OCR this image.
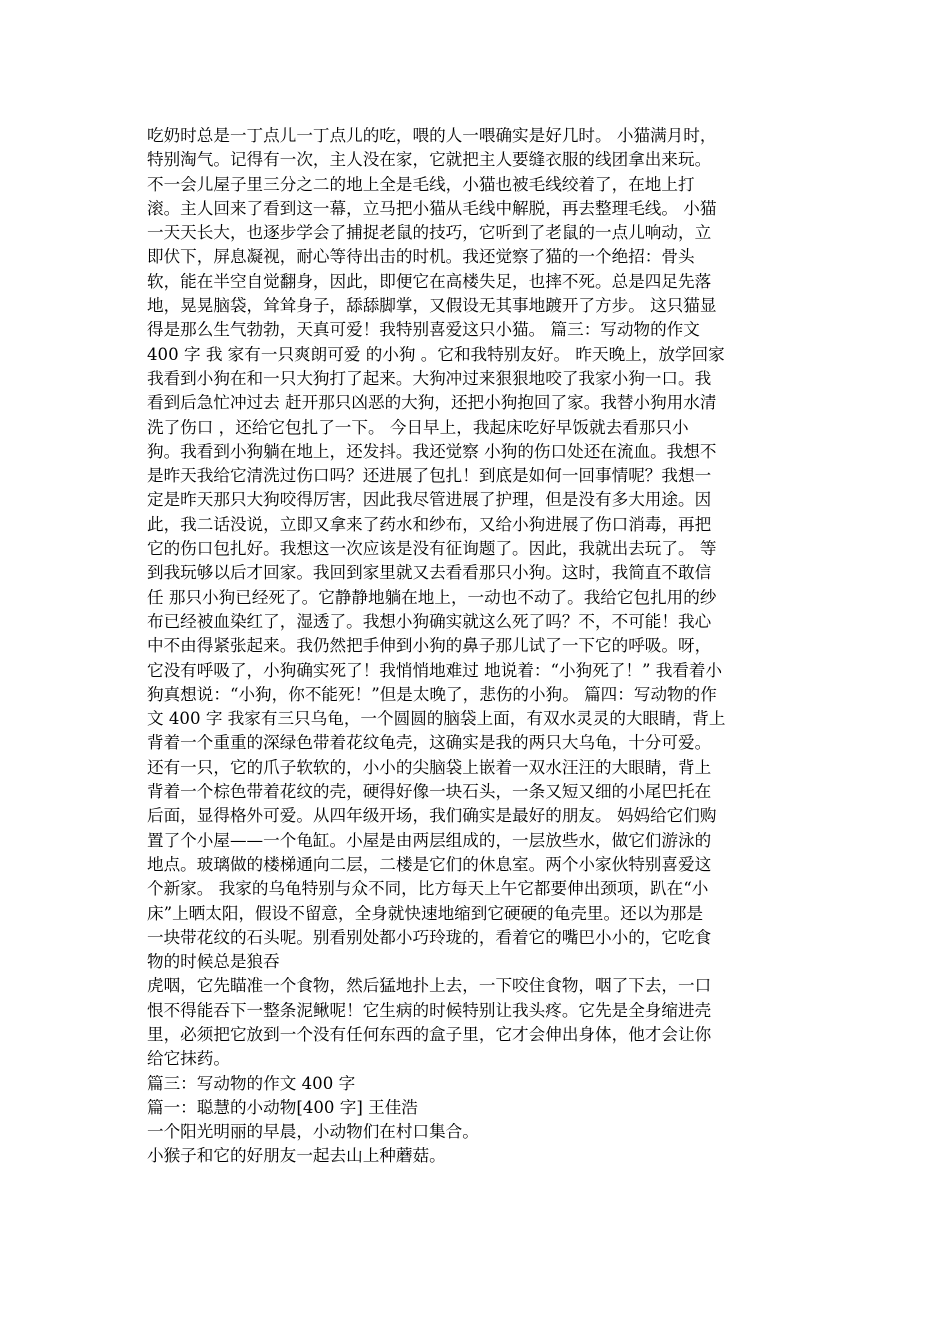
吃奶时总是一丁点儿一丁点儿的吃，喂的人一喂确实是好几时。 小猫满月时，
特别淘气。记得有一次，主人没在家，它就把主人要缝衣服的线团拿出来玩。
不一会儿屋子里三分之二的地上全是毛线，小猫也被毛线绞着了，在地上打
滚。主人回来了看到这一幕，立马把小猫从毛线中解脱，再去整理毛线。 小猫
一天天长大，也逐步学会了捕捉老鼠的技巧，它听到了老鼠的一点儿响动，立
即伏下，屏息凝视，耐心等待出击的时机。我还觉察了猫的一个绝招：骨头
软，能在半空自觉翻身，因此，即便它在高楼失足，也摔不死。总是四足先落
地，晃晃脑袋，耸耸身子，舔舔脚掌，又假设无其事地踱开了方步。 这只猫显
得是那么生气勃勃，天真可爱！我特别喜爱这只小猫。 篇三：写动物的作文
400 字 我 家有一只爽朗可爱 的小狗 。它和我特别友好。 昨天晚上，放学回家
我看到小狗在和一只大狗打了起来。大狗冲过来狠狠地咬了我家小狗一口。我
看到后急忙冲过去 赶开那只凶恶的大狗，还把小狗抱回了家。我替小狗用水清
洗了伤口 ，还给它包扎了一下。 今日早上，我起床吃好早饭就去看那只小
狗。我看到小狗躺在地上，还发抖。我还觉察 小狗的伤口处还在流血。我想不
是昨天我给它清洗过伤口吗？还进展了包扎！到底是如何一回事情呢？我想一
定是昨天那只大狗咬得厉害，因此我尽管进展了护理，但是没有多大用途。因
此，我二话没说，立即又拿来了药水和纱布，又给小狗进展了伤口消毒，再把
它的伤口包扎好。我想这一次应该是没有征询题了。因此，我就出去玩了。 等
到我玩够以后才回家。我回到家里就又去看看那只小狗。这时，我简直不敢信
任 那只小狗已经死了。它静静地躺在地上，一动也不动了。我给它包扎用的纱
布已经被血染红了，湿透了。我想小狗确实就这么死了吗？不，不可能！我心
中不由得紧张起来。我仍然把手伸到小狗的鼻子那儿试了一下它的呼吸。呀，
它没有呼吸了，小狗确实死了！我悄悄地难过 地说着：“小狗死了！” 我看着小
狗真想说：“小狗，你不能死！”但是太晚了，悲伤的小狗。 篇四：写动物的作
文 400 字 我家有三只乌龟，一个圆圆的脑袋上面，有双水灵灵的大眼睛，背上
背着一个重重的深绿色带着花纹龟壳，这确实是我的两只大乌龟，十分可爱。
还有一只，它的爪子软软的，小小的尖脑袋上嵌着一双水汪汪的大眼睛，背上
背着一个棕色带着花纹的壳，硬得好像一块石头，一条又短又细的小尾巴托在
后面，显得格外可爱。从四年级开场，我们确实是最好的朋友。 妈妈给它们购
置了个小屋——一个龟缸。小屋是由两层组成的，一层放些水，做它们游泳的
地点。玻璃做的楼梯通向二层，二楼是它们的休息室。两个小家伙特别喜爱这
个新家。 我家的乌龟特别与众不同，比方每天上午它都要伸出颈项，趴在“小
床”上晒太阳，假设不留意，全身就快速地缩到它硬硬的龟壳里。还以为那是
一块带花纹的石头呢。别看别处都小巧玲珑的，看着它的嘴巴小小的，它吃食
物的时候总是狼吞
虎咽，它先瞄准一个食物，然后猛地扑上去，一下咬住食物，咽了下去，一口
恨不得能吞下一整条泥鳅呢！它生病的时候特别让我头疼。它先是全身缩进壳
里，必须把它放到一个没有任何东西的盒子里，它才会伸出身体，他才会让你
给它抹药。
篇三：写动物的作文 400 字
篇一：聪慧的小动物[400 字] 王佳浩
一个阳光明丽的早晨，小动物们在村口集合。
小猴子和它的好朋友一起去山上种蘑菇。
